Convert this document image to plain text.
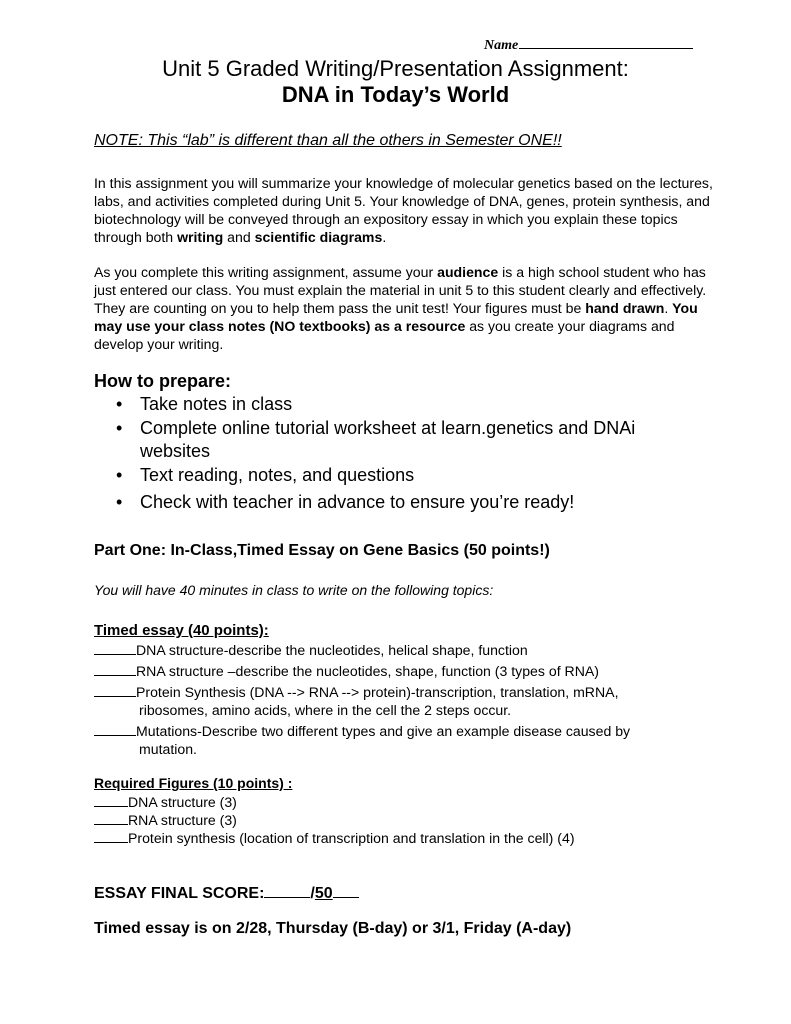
Name
Unit 5 Graded Writing/Presentation Assignment:
DNA in Today’s World
NOTE: This “lab” is different than all the others in Semester ONE!!
In this assignment you will summarize your knowledge of molecular genetics based on the lectures, labs, and activities completed during Unit 5. Your knowledge of DNA, genes, protein synthesis, and biotechnology will be conveyed through an expository essay in which you explain these topics through both writing and scientific diagrams.
As you complete this writing assignment, assume your audience is a high school student who has just entered our class. You must explain the material in unit 5 to this student clearly and effectively. They are counting on you to help them pass the unit test! Your figures must be hand drawn. You may use your class notes (NO textbooks) as a resource as you create your diagrams and develop your writing.
How to prepare:
• Take notes in class
• Complete online tutorial worksheet at learn.genetics and DNAi websites
• Text reading, notes, and questions
• Check with teacher in advance to ensure you’re ready!
Part One: In-Class,Timed Essay on Gene Basics (50 points!)
You will have 40 minutes in class to write on the following topics:
Timed essay (40 points):
DNA structure-describe the nucleotides, helical shape, function
RNA structure –describe the nucleotides, shape, function (3 types of RNA)
Protein Synthesis (DNA --> RNA --> protein)-transcription, translation, mRNA,
ribosomes, amino acids, where in the cell the 2 steps occur.
Mutations-Describe two different types and give an example disease caused by
mutation.
Required Figures (10 points) :
DNA structure (3)
RNA structure (3)
Protein synthesis (location of transcription and translation in the cell) (4)
ESSAY FINAL SCORE:	/50
Timed essay is on 2/28, Thursday (B-day) or 3/1, Friday (A-day)
